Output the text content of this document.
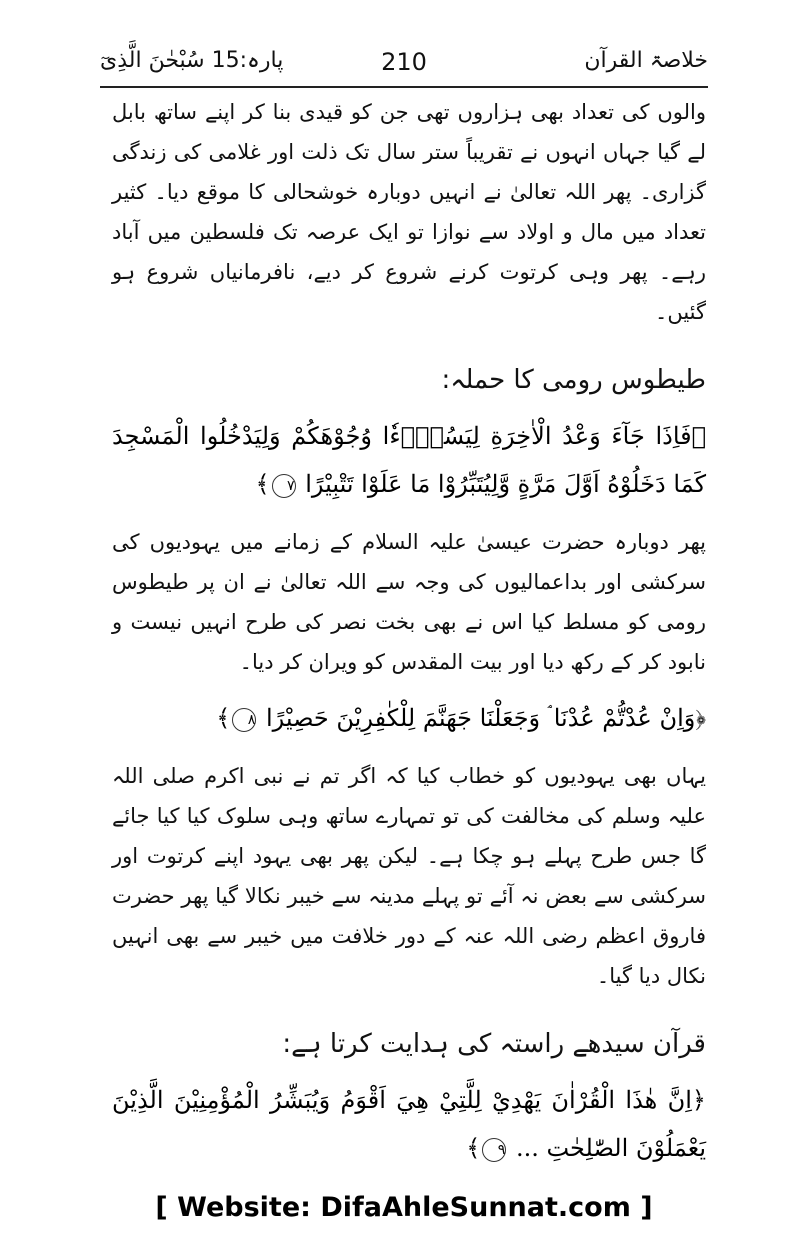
خلاصۃ القرآن
210
پارہ:15 سُبْحٰنَ الَّذِیٓ

والوں کی تعداد بھی ہزاروں تھی جن کو قیدی بنا کر اپنے ساتھ بابل لے گیا جہاں انہوں نے تقریباً ستر سال تک ذلت اور غلامی کی زندگی گزاری۔ پھر اللہ تعالیٰ نے انہیں دوبارہ خوشحالی کا موقع دیا۔ کثیر تعداد میں مال و اولاد سے نوازا تو ایک عرصہ تک فلسطین میں آباد رہے۔ پھر وہی کرتوت کرنے شروع کر دیے، نافرمانیاں شروع ہو گئیں۔

طیطوس رومی کا حملہ:
﴿فَاِذَا جَآءَ وَعْدُ الْاٰخِرَةِ لِيَسُوْۤءٗا وُجُوْهَكُمْ وَلِيَدْخُلُوا الْمَسْجِدَ كَمَا دَخَلُوْهُ اَوَّلَ مَرَّةٍ وَّلِيُتَبِّرُوْا مَا عَلَوْا تَتْبِيْرًا ٧﴾

پھر دوبارہ حضرت عیسیٰ علیہ السلام کے زمانے میں یہودیوں کی سرکشی اور بداعمالیوں کی وجہ سے اللہ تعالیٰ نے ان پر طیطوس رومی کو مسلط کیا اس نے بھی بخت نصر کی طرح انہیں نیست و نابود کر کے رکھ دیا اور بیت المقدس کو ویران کر دیا۔

﴿وَاِنْ عُدْتُّمْ عُدْنَا ۘ وَجَعَلْنَا جَهَنَّمَ لِلْكٰفِرِيْنَ حَصِيْرًا ٨﴾

یہاں بھی یہودیوں کو خطاب کیا کہ اگر تم نے نبی اکرم صلی اللہ علیہ وسلم کی مخالفت کی تو تمہارے ساتھ وہی سلوک کیا کیا جائے گا جس طرح پہلے ہو چکا ہے۔ لیکن پھر بھی یہود اپنے کرتوت اور سرکشی سے بعض نہ آئے تو پہلے مدینہ سے خیبر نکالا گیا پھر حضرت فاروق اعظم رضی اللہ عنہ کے دور خلافت میں خیبر سے بھی انہیں نکال دیا گیا۔

قرآن سیدھے راستہ کی ہدایت کرتا ہے:
﴿اِنَّ هٰذَا الْقُرْاٰنَ يَهْدِيْ لِلَّتِيْ هِيَ اَقْوَمُ وَيُبَشِّرُ الْمُؤْمِنِيْنَ الَّذِيْنَ يَعْمَلُوْنَ الصّٰلِحٰتِ ... ٩﴾
[ Website: DifaAhleSunnat.com ]
